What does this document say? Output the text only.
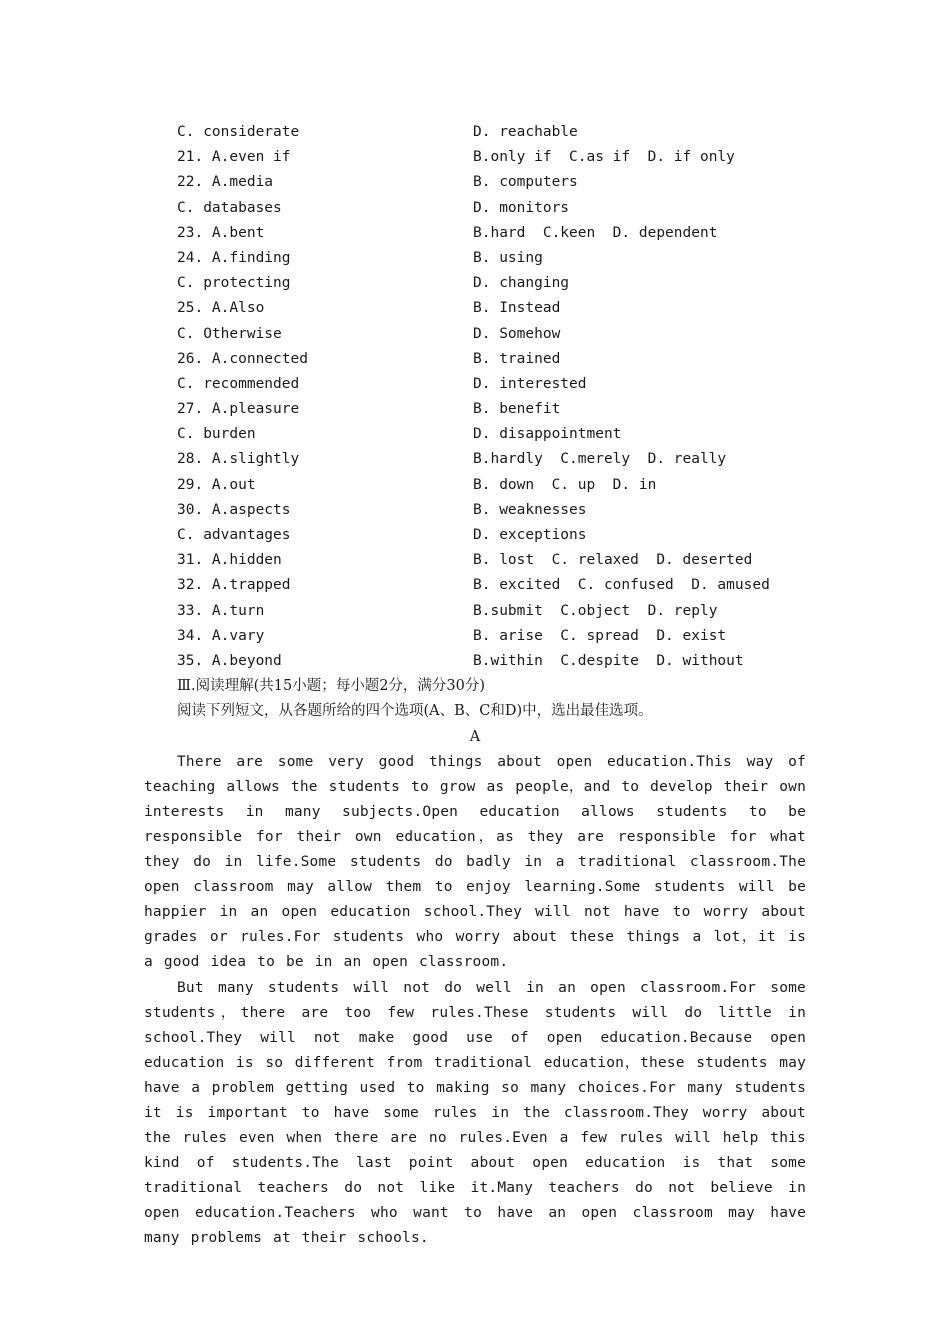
C. considerate	D. reachable
21. A.even if	B.only if  C.as if  D. if only
22. A.media	B. computers
C. databases	D. monitors
23. A.bent	B.hard  C.keen  D. dependent
24. A.finding	B. using
C. protecting	D. changing
25. A.Also	B. Instead
C. Otherwise	D. Somehow
26. A.connected	B. trained
C. recommended	D. interested
27. A.pleasure	B. benefit
C. burden	D. disappointment
28. A.slightly	B.hardly  C.merely  D. really
29. A.out	B. down  C. up  D. in
30. A.aspects	B. weaknesses
C. advantages	D. exceptions
31. A.hidden	B. lost  C. relaxed  D. deserted
32. A.trapped	B. excited  C. confused  D. amused
33. A.turn	B.submit  C.object  D. reply
34. A.vary	B. arise  C. spread  D. exist
35. A.beyond	B.within  C.despite  D. without
Ⅲ.阅读理解(共15小题；每小题2分，满分30分)
阅读下列短文，从各题所给的四个选项(A、B、C和D)中，选出最佳选项。
A

There are some very good things about open education.This way of teaching allows the students to grow as people，and to develop their own interests in many subjects.Open education allows students to be responsible for their own education，as they are responsible for what they do in life.Some students do badly in a traditional classroom.The open classroom may allow them to enjoy learning.Some students will be happier in an open education school.They will not have to worry about grades or rules.For students who worry about these things a lot，it is a good idea to be in an open classroom.

But many students will not do well in an open classroom.For some students，there are too few rules.These students will do little in school.They will not make good use of open education.Because open education is so different from traditional education，these students may have a problem getting used to making so many choices.For many students it is important to have some rules in the classroom.They worry about the rules even when there are no rules.Even a few rules will help this kind of students.The last point about open education is that some traditional teachers do not like it.Many teachers do not believe in open education.Teachers who want to have an open classroom may have many problems at their schools.
